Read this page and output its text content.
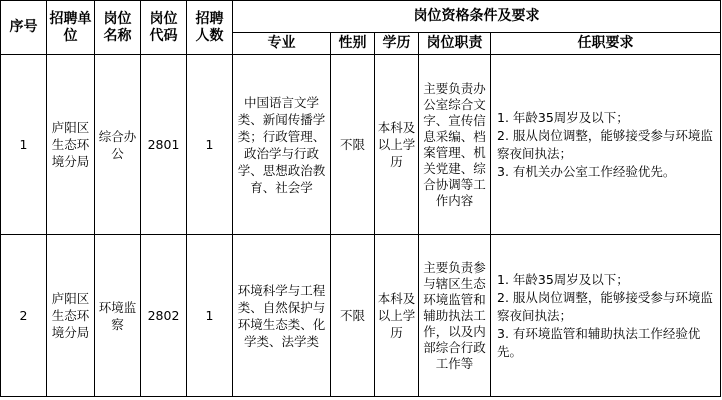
序号	招聘单位	岗位名称	岗位代码	招聘人数	岗位资格条件及要求				
					专业	性别	学历	岗位职责	任职要求
1	庐阳区生态环境分局	综合办公	2801	1	中国语言文学类、新闻传播学类；行政管理、政治学与行政学、思想政治教育、社会学	不限	本科及以上学历	主要负责办公室综合文字、宣传信息采编、档案管理、机关党建、综合协调等工作内容	1. 年龄35周岁及以下；
2. 服从岗位调整，能够接受参与环境监察夜间执法；
3. 有机关办公室工作经验优先。

2	庐阳区生态环境分局	环境监察	2802	1	环境科学与工程类、自然保护与环境生态类、化学类、法学类	不限	本科及以上学历	主要负责参与辖区生态环境监管和辅助执法工作，以及内部综合行政工作等	1. 年龄35周岁及以下；
2. 服从岗位调整，能够接受参与环境监察夜间执法；
3. 有环境监管和辅助执法工作经验优先。
